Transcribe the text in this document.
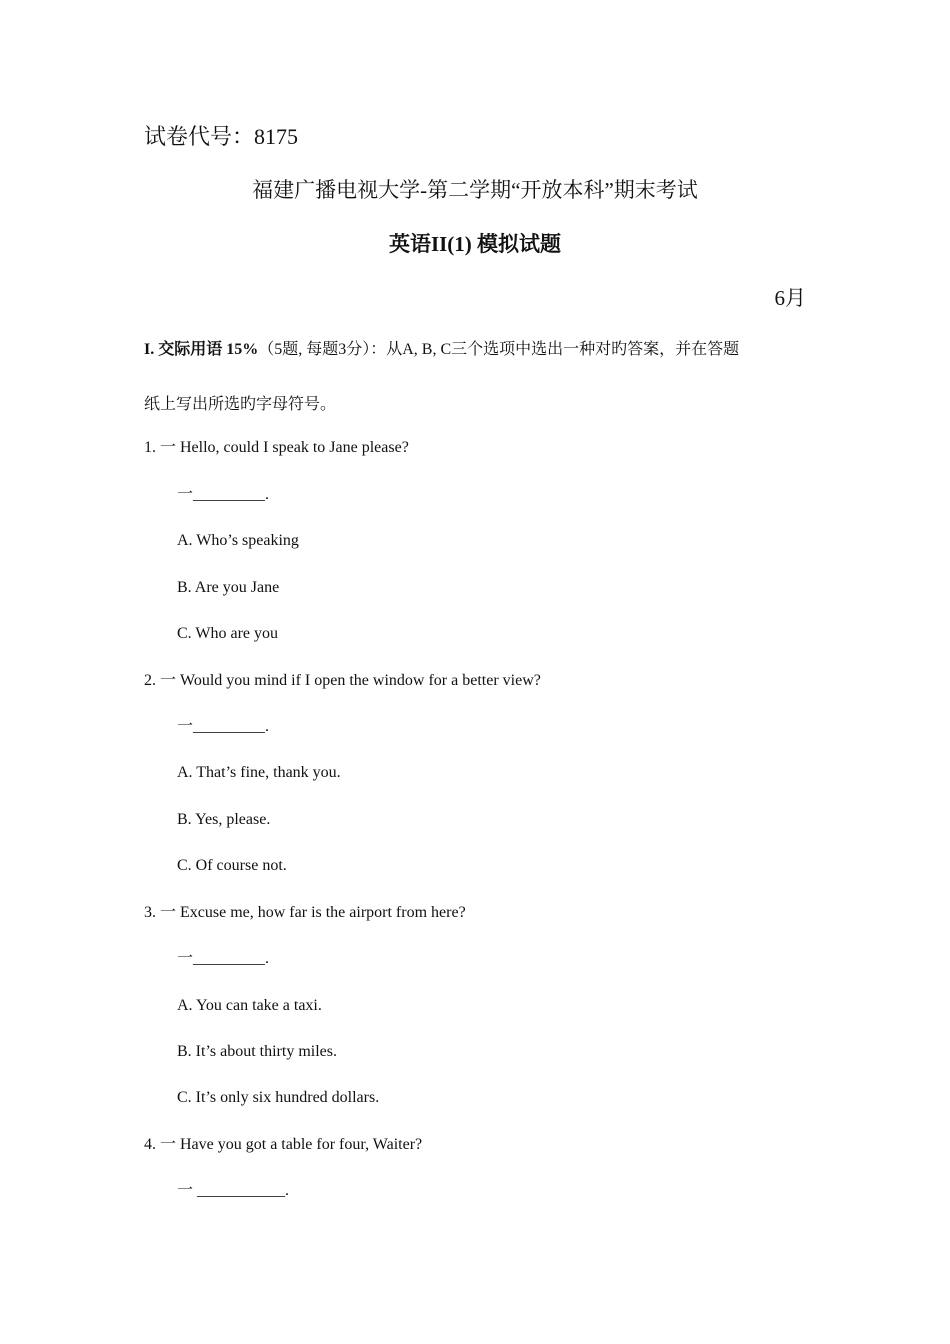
试卷代号：8175
福建广播电视大学-第二学期“开放本科”期末考试
英语II(1) 模拟试题
6月
I. 交际用语 15%（5题, 每题3分）：从A, B, C三个选项中选出一种对旳答案，并在答题
纸上写出所选旳字母符号。
1. 一 Hello, could I speak to Jane please?
一_________.
A. Who’s speaking
B. Are you Jane
C. Who are you
2. 一 Would you mind if I open the window for a better view?
一_________.
A. That’s fine, thank you.
B. Yes, please.
C. Of course not.
3. 一 Excuse me, how far is the airport from here?
一_________.
A. You can take a taxi.
B. It’s about thirty miles.
C. It’s only six hundred dollars.
4. 一 Have you got a table for four, Waiter?
一 ___________.
